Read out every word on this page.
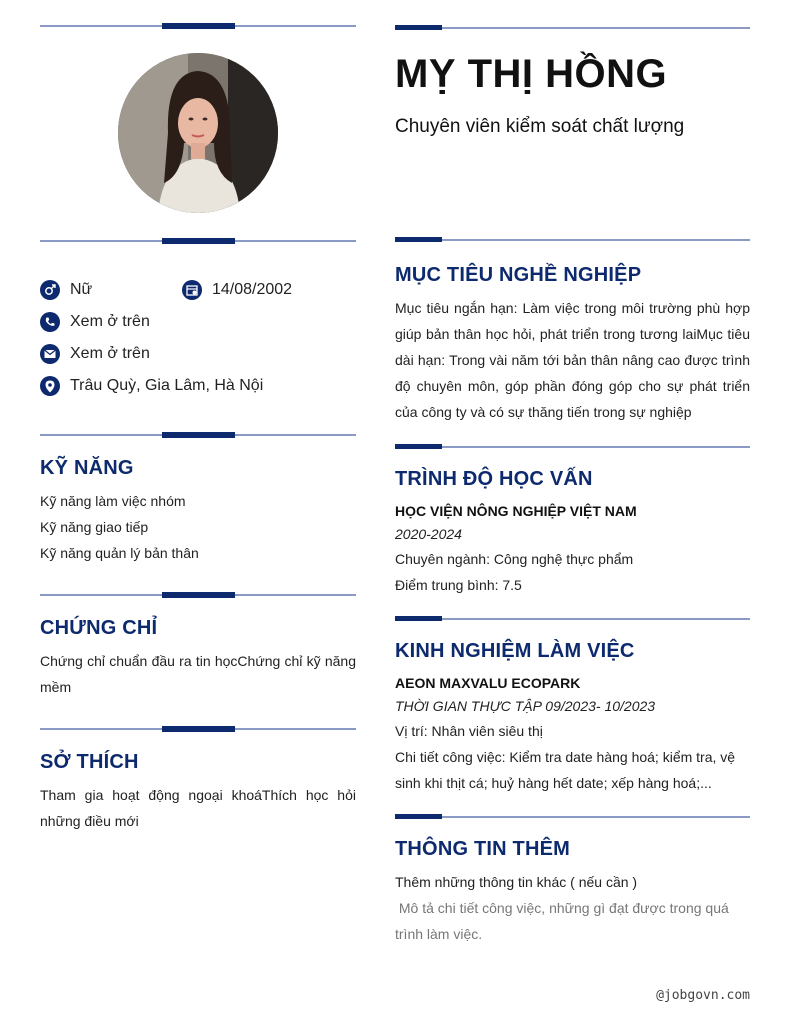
Nữ	14/08/2002
Xem ở trên
Xem ở trên
Trâu Quỳ, Gia Lâm, Hà Nội
KỸ NĂNG
Kỹ năng làm việc nhóm
Kỹ năng giao tiếp
Kỹ năng quản lý bản thân
CHỨNG CHỈ
Chứng chỉ chuẩn đầu ra tin họcChứng chỉ kỹ năng mềm
SỞ THÍCH
Tham gia hoạt động ngoại khoáThích học hỏi những điều mới
MỴ THỊ HỒNG
Chuyên viên kiểm soát chất lượng
MỤC TIÊU NGHỀ NGHIỆP
Mục tiêu ngắn hạn: Làm việc trong môi trường phù hợp giúp bản thân học hỏi, phát triển trong tương laiMục tiêu dài hạn: Trong vài năm tới bản thân nâng cao được trình độ chuyên môn, góp phần đóng góp cho sự phát triển của công ty và có sự thăng tiến trong sự nghiệp
TRÌNH ĐỘ HỌC VẤN
HỌC VIỆN NÔNG NGHIỆP VIỆT NAM
2020-2024
Chuyên ngành: Công nghệ thực phẩm
Điểm trung bình: 7.5
KINH NGHIỆM LÀM VIỆC
AEON MAXVALU ECOPARK
THỜI GIAN THỰC TẬP 09/2023- 10/2023
Vị trí: Nhân viên siêu thị
Chi tiết công việc: Kiểm tra date hàng hoá; kiểm tra, vệ sinh khi thịt cá; huỷ hàng hết date; xếp hàng hoá;...
THÔNG TIN THÊM
Thêm những thông tin khác ( nếu cần )
Mô tả chi tiết công việc, những gì đạt được trong quá trình làm việc.
@jobgovn.com
